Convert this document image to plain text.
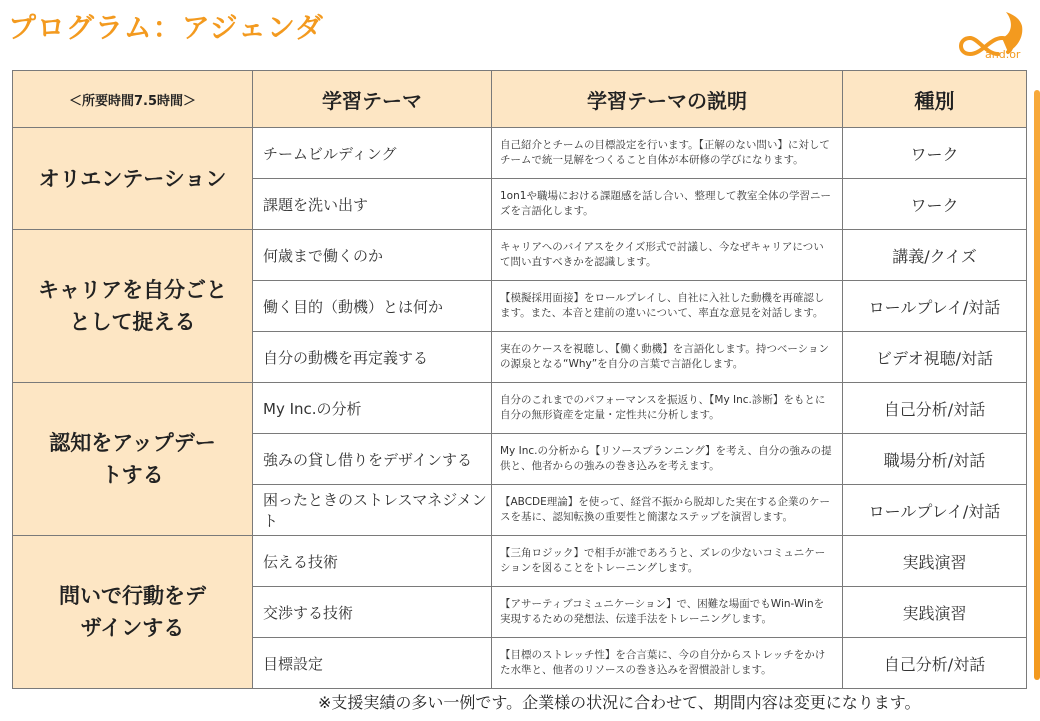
プログラム：アジェンダ
and.or
＜所要時間7.5時間＞	学習テーマ	学習テーマの説明	種別
オリエンテーション	チームビルディング	自己紹介とチームの目標設定を行います。【正解のない問い】に対してチームで統一見解をつくること自体が本研修の学びになります。	ワーク
	課題を洗い出す	1on1や職場における課題感を話し合い、整理して教室全体の学習ニーズを言語化します。	ワーク
キャリアを自分ごととして捉える	何歳まで働くのか	キャリアへのバイアスをクイズ形式で討議し、今なぜキャリアについて問い直すべきかを認識します。	講義/クイズ
	働く目的（動機）とは何か	【模擬採用面接】をロールプレイし、自社に入社した動機を再確認します。また、本音と建前の違いについて、率直な意見を対話します。	ロールプレイ/対話
	自分の動機を再定義する	実在のケースを視聴し、【働く動機】を言語化します。持つベーションの源泉となる“Why”を自分の言葉で言語化します。	ビデオ視聴/対話
認知をアップデートする	My Inc.の分析	自分のこれまでのパフォーマンスを振返り、【My Inc.診断】をもとに自分の無形資産を定量・定性共に分析します。	自己分析/対話
	強みの貸し借りをデザインする	My Inc.の分析から【リソースプランニング】を考え、自分の強みの提供と、他者からの強みの巻き込みを考えます。	職場分析/対話
	困ったときのストレスマネジメント	【ABCDE理論】を使って、経営不振から脱却した実在する企業のケースを基に、認知転換の重要性と簡潔なステップを演習します。	ロールプレイ/対話
問いで行動をデザインする	伝える技術	【三角ロジック】で相手が誰であろうと、ズレの少ないコミュニケーションを図ることをトレーニングします。	実践演習
	交渉する技術	【アサーティブコミュニケーション】で、困難な場面でもWin-Winを実現するための発想法、伝達手法をトレーニングします。	実践演習
	目標設定	【目標のストレッチ性】を合言葉に、今の自分からストレッチをかけた水準と、他者のリソースの巻き込みを習慣設計します。	自己分析/対話
※支援実績の多い一例です。企業様の状況に合わせて、期間内容は変更になります。
